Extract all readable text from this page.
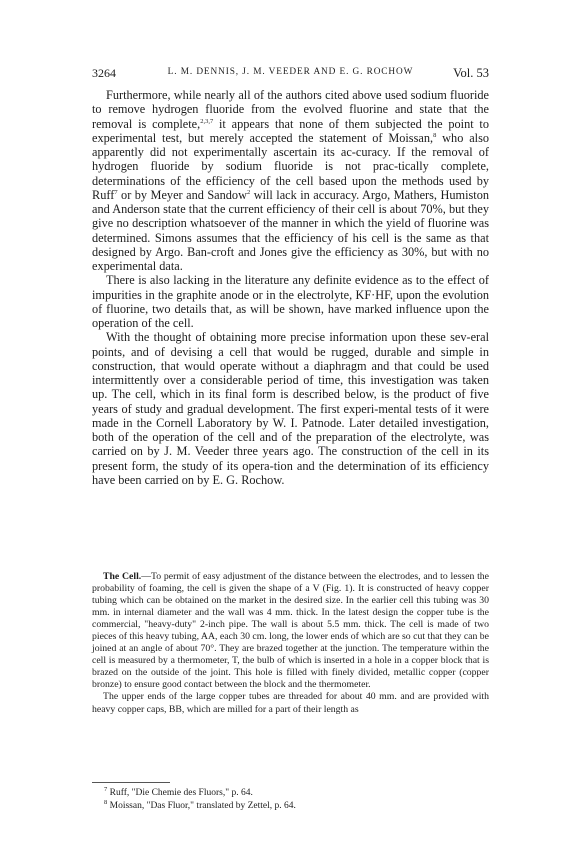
3264	L. M. DENNIS, J. M. VEEDER AND E. G. ROCHOW	Vol. 53

Furthermore, while nearly all of the authors cited above used sodium fluoride to remove hydrogen fluoride from the evolved fluorine and state that the removal is complete,$^{2,3,7}$ it appears that none of them subjected the point to experimental test, but merely accepted the statement of Moissan,$^8$ who also apparently did not experimentally ascertain its ac-curacy. If the removal of hydrogen fluoride by sodium fluoride is not prac-tically complete, determinations of the efficiency of the cell based upon the methods used by Ruff$^7$ or by Meyer and Sandow$^2$ will lack in accuracy. Argo, Mathers, Humiston and Anderson state that the current efficiency of their cell is about 70%, but they give no description whatsoever of the manner in which the yield of fluorine was determined. Simons assumes that the efficiency of his cell is the same as that designed by Argo. Ban-croft and Jones give the efficiency as 30%, but with no experimental data.

There is also lacking in the literature any definite evidence as to the effect of impurities in the graphite anode or in the electrolyte, KF·HF, upon the evolution of fluorine, two details that, as will be shown, have marked influence upon the operation of the cell.

With the thought of obtaining more precise information upon these sev-eral points, and of devising a cell that would be rugged, durable and simple in construction, that would operate without a diaphragm and that could be used intermittently over a considerable period of time, this investigation was taken up. The cell, which in its final form is described below, is the product of five years of study and gradual development. The first experi-mental tests of it were made in the Cornell Laboratory by W. I. Patnode. Later detailed investigation, both of the operation of the cell and of the preparation of the electrolyte, was carried on by J. M. Veeder three years ago. The construction of the cell in its present form, the study of its opera-tion and the determination of its efficiency have been carried on by E. G. Rochow.

The Cell.—To permit of easy adjustment of the distance between the electrodes, and to lessen the probability of foaming, the cell is given the shape of a V (Fig. 1). It is constructed of heavy copper tubing which can be obtained on the market in the desired size. In the earlier cell this tubing was 30 mm. in internal diameter and the wall was 4 mm. thick. In the latest design the copper tube is the commercial, "heavy-duty" 2-inch pipe. The wall is about 5.5 mm. thick. The cell is made of two pieces of this heavy tubing, AA, each 30 cm. long, the lower ends of which are so cut that they can be joined at an angle of about 70°. They are brazed together at the junction. The temperature within the cell is measured by a thermometer, T, the bulb of which is inserted in a hole in a copper block that is brazed on the outside of the joint. This hole is filled with finely divided, metallic copper (copper bronze) to ensure good contact between the block and the thermometer.

The upper ends of the large copper tubes are threaded for about 40 mm. and are provided with heavy copper caps, BB, which are milled for a part of their length as

$^7$ Ruff, "Die Chemie des Fluors," p. 64.
$^8$ Moissan, "Das Fluor," translated by Zettel, p. 64.
